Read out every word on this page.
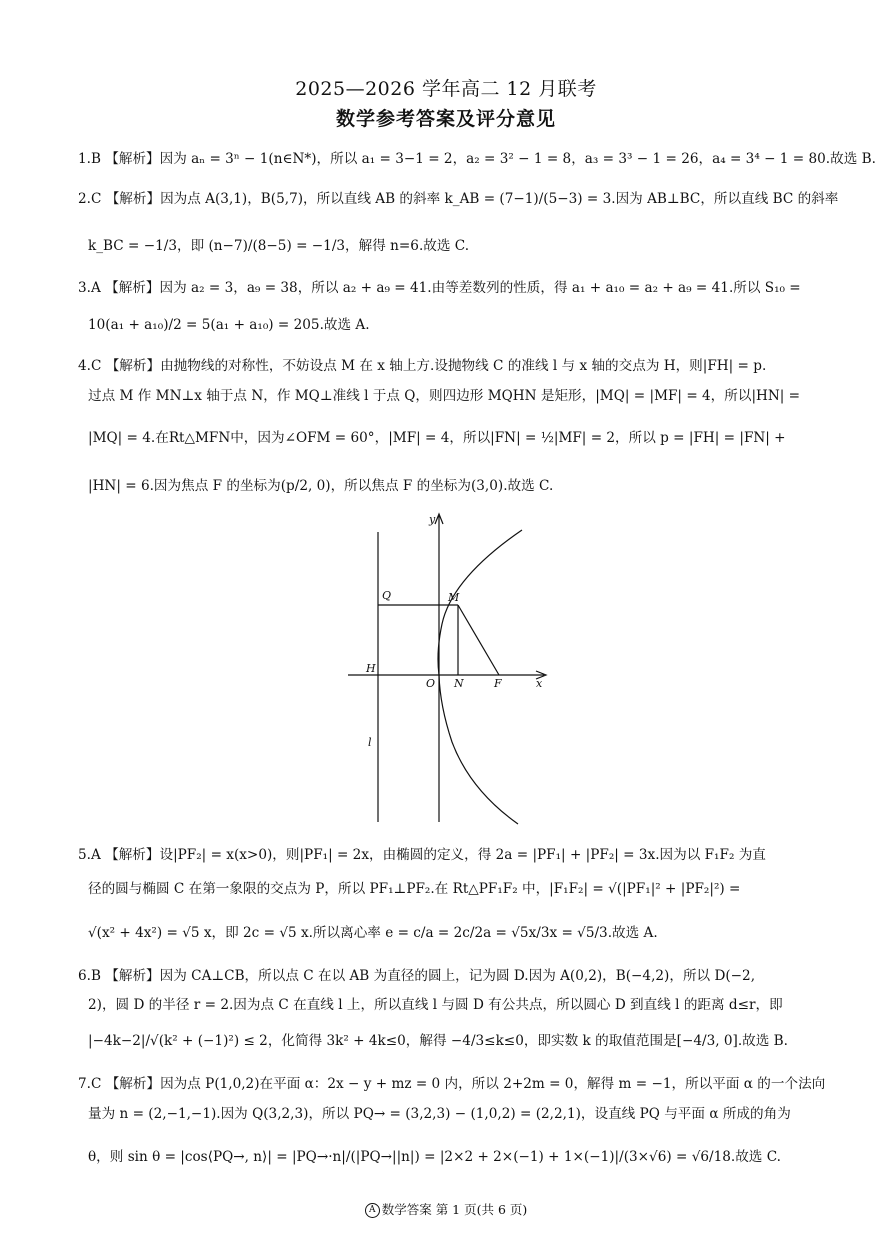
2025—2026 学年高二 12 月联考
数学参考答案及评分意见
1.B 【解析】因为 aₙ = 3ⁿ − 1(n∈N*)，所以 a₁ = 3−1 = 2，a₂ = 3² − 1 = 8，a₃ = 3³ − 1 = 26，a₄ = 3⁴ − 1 = 80.故选 B.
2.C 【解析】因为点 A(3,1)，B(5,7)，所以直线 AB 的斜率 k_AB = (7−1)/(5−3) = 3.因为 AB⊥BC，所以直线 BC 的斜率
k_BC = −1/3，即 (n−7)/(8−5) = −1/3，解得 n=6.故选 C.
3.A 【解析】因为 a₂ = 3，a₉ = 38，所以 a₂ + a₉ = 41.由等差数列的性质，得 a₁ + a₁₀ = a₂ + a₉ = 41.所以 S₁₀ =
10(a₁ + a₁₀)/2 = 5(a₁ + a₁₀) = 205.故选 A.
4.C 【解析】由抛物线的对称性，不妨设点 M 在 x 轴上方.设抛物线 C 的准线 l 与 x 轴的交点为 H，则|FH| = p.
过点 M 作 MN⊥x 轴于点 N，作 MQ⊥准线 l 于点 Q，则四边形 MQHN 是矩形，|MQ| = |MF| = 4，所以|HN| =
|MQ| = 4.在Rt△MFN中，因为∠OFM = 60°，|MF| = 4，所以|FN| = ½|MF| = 2，所以 p = |FH| = |FN| +
|HN| = 6.因为焦点 F 的坐标为(p/2, 0)，所以焦点 F 的坐标为(3,0).故选 C.
y
x
Q	M
H
O N	F
l
5.A 【解析】设|PF₂| = x(x>0)，则|PF₁| = 2x，由椭圆的定义，得 2a = |PF₁| + |PF₂| = 3x.因为以 F₁F₂ 为直
径的圆与椭圆 C 在第一象限的交点为 P，所以 PF₁⊥PF₂.在 Rt△PF₁F₂ 中，|F₁F₂| = √(|PF₁|² + |PF₂|²) =
√(x² + 4x²) = √5 x，即 2c = √5 x.所以离心率 e = c/a = 2c/2a = √5x/3x = √5/3.故选 A.
6.B 【解析】因为 CA⊥CB，所以点 C 在以 AB 为直径的圆上，记为圆 D.因为 A(0,2)，B(−4,2)，所以 D(−2,
2)，圆 D 的半径 r = 2.因为点 C 在直线 l 上，所以直线 l 与圆 D 有公共点，所以圆心 D 到直线 l 的距离 d≤r，即
|−4k−2|/√(k² + (−1)²) ≤ 2，化简得 3k² + 4k≤0，解得 −4/3≤k≤0，即实数 k 的取值范围是[−4/3, 0].故选 B.
7.C 【解析】因为点 P(1,0,2)在平面 α：2x − y + mz = 0 内，所以 2+2m = 0，解得 m = −1，所以平面 α 的一个法向
量为 n = (2,−1,−1).因为 Q(3,2,3)，所以 PQ→ = (3,2,3) − (1,0,2) = (2,2,1)，设直线 PQ 与平面 α 所成的角为
θ，则 sin θ = |cos⟨PQ→, n⟩| = |PQ→·n|/(|PQ→||n|) = |2×2 + 2×(−1) + 1×(−1)|/(3×√6) = √6/18.故选 C.
A 数学答案 第 1 页(共 6 页)
